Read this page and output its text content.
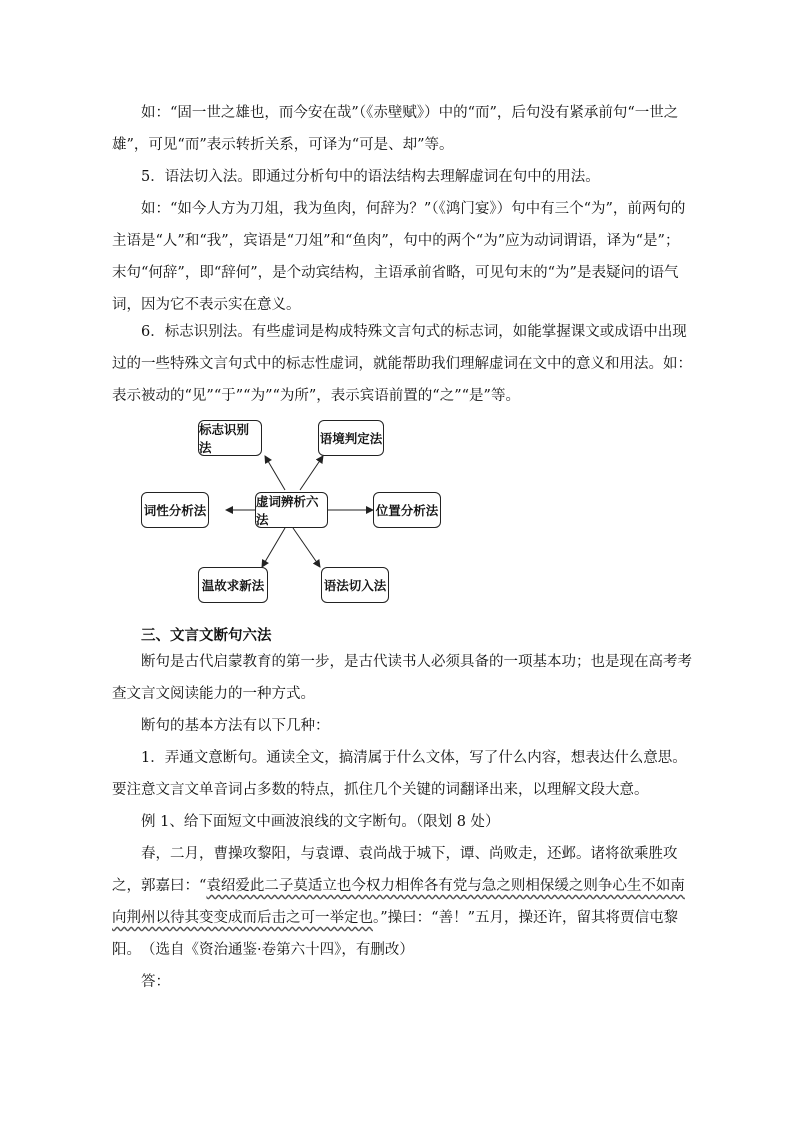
如：“固一世之雄也，而今安在哉”（《赤壁赋》）中的“而”，后句没有紧承前句“一世之雄”，可见“而”表示转折关系，可译为“可是、却”等。

5．语法切入法。即通过分析句中的语法结构去理解虚词在句中的用法。

如：“如今人方为刀俎，我为鱼肉，何辞为？”（《鸿门宴》）句中有三个“为”，前两句的主语是“人”和“我”，宾语是“刀俎”和“鱼肉”，句中的两个“为”应为动词谓语，译为“是”；末句“何辞”，即“辞何”，是个动宾结构，主语承前省略，可见句末的“为”是表疑问的语气词，因为它不表示实在意义。

6．标志识别法。有些虚词是构成特殊文言句式的标志词，如能掌握课文或成语中出现过的一些特殊文言句式中的标志性虚词，就能帮助我们理解虚词在文中的意义和用法。如：表示被动的“见”“于”“为”“为所”，表示宾语前置的“之”“是”等。

标志识别法
语境判定法
词性分析法
虚词辨析六法
位置分析法
温故求新法	语法切入法
三、文言文断句六法

断句是古代启蒙教育的第一步，是古代读书人必须具备的一项基本功；也是现在高考考查文言文阅读能力的一种方式。

断句的基本方法有以下几种：

1．弄通文意断句。通读全文，搞清属于什么文体，写了什么内容，想表达什么意思。要注意文言文单音词占多数的特点，抓住几个关键的词翻译出来，以理解文段大意。

例 1、给下面短文中画波浪线的文字断句。（限划 8 处）

春，二月，曹操攻黎阳，与袁谭、袁尚战于城下，谭、尚败走，还邺。诸将欲乘胜攻之，郭嘉曰：“袁绍爱此二子莫适立也今权力相侔各有党与急之则相保缓之则争心生不如南向荆州以待其变变成而后击之可一举定也。”操曰：“善！”五月，操还许，留其将贾信屯黎阳。 （选自《资治通鉴·卷第六十四》，有删改）

答：
